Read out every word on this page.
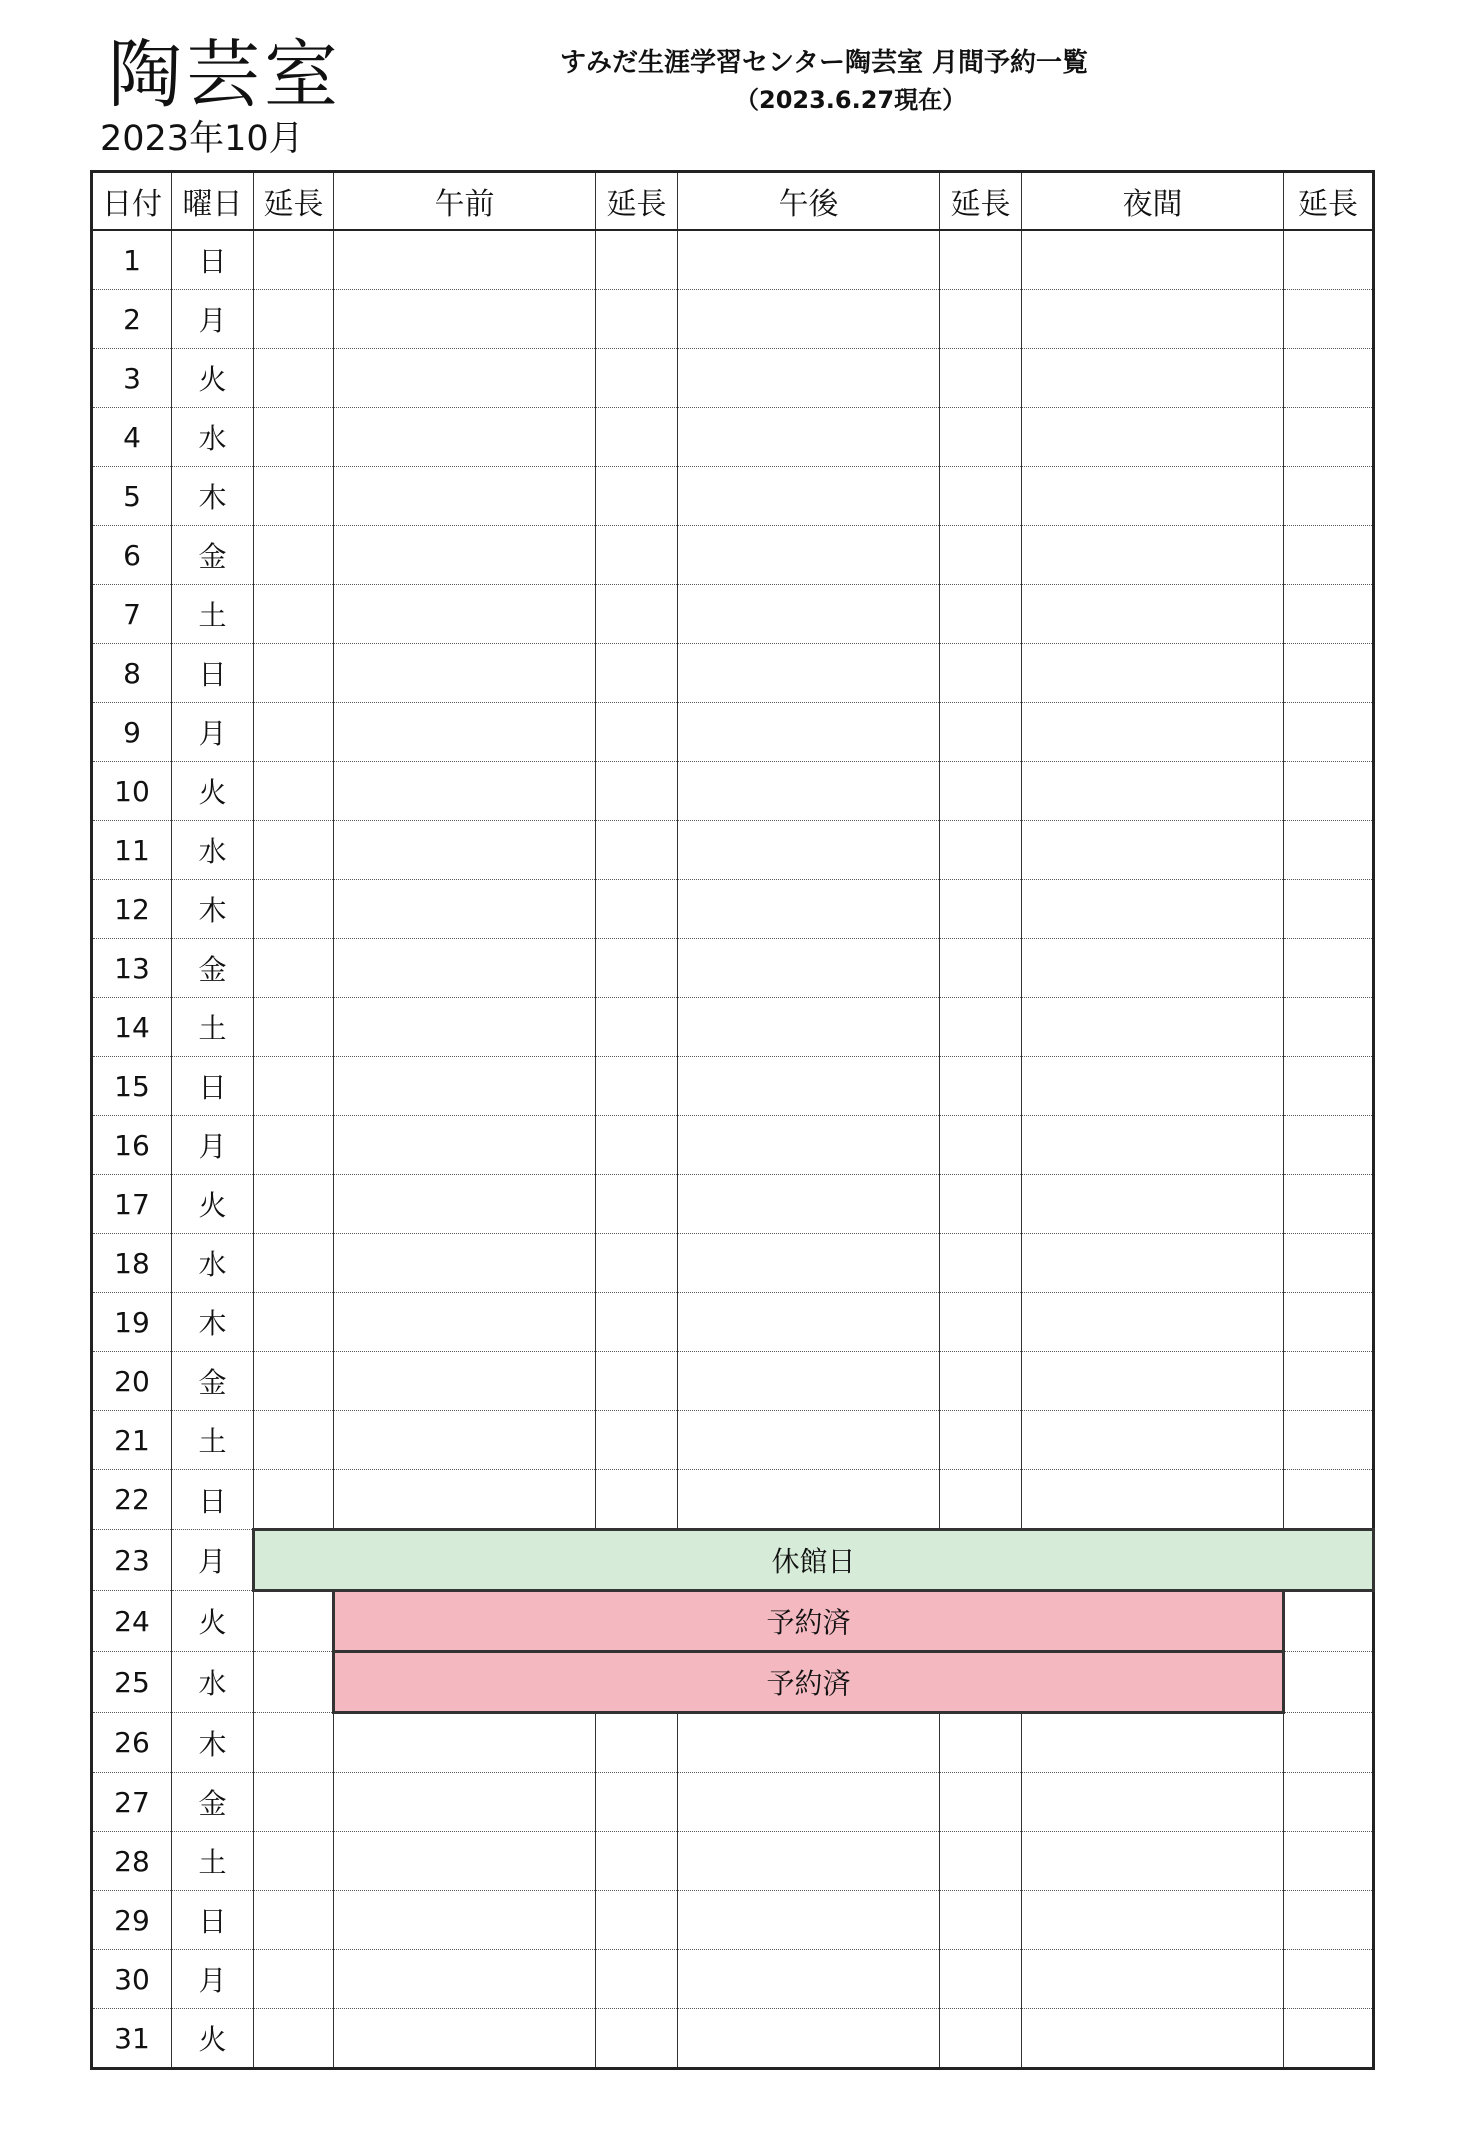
陶芸室
2023年10月
すみだ生涯学習センター陶芸室 月間予約一覧
（2023.6.27現在）
日付	曜日	延長	午前	延長	午後	延長	夜間	延長
1	日							
2	月							
3	火							
4	水							
5	木							
6	金							
7	土							
8	日							
9	月							
10	火							
11	水							
12	木							
13	金							
14	土							
15	日							
16	月							
17	火							
18	水							
19	木							
20	金							
21	土							
22	日							
23	月	休館日						
24	火		予約済					
25	水		予約済					
26	木							
27	金							
28	土							
29	日							
30	月							
31	火							
